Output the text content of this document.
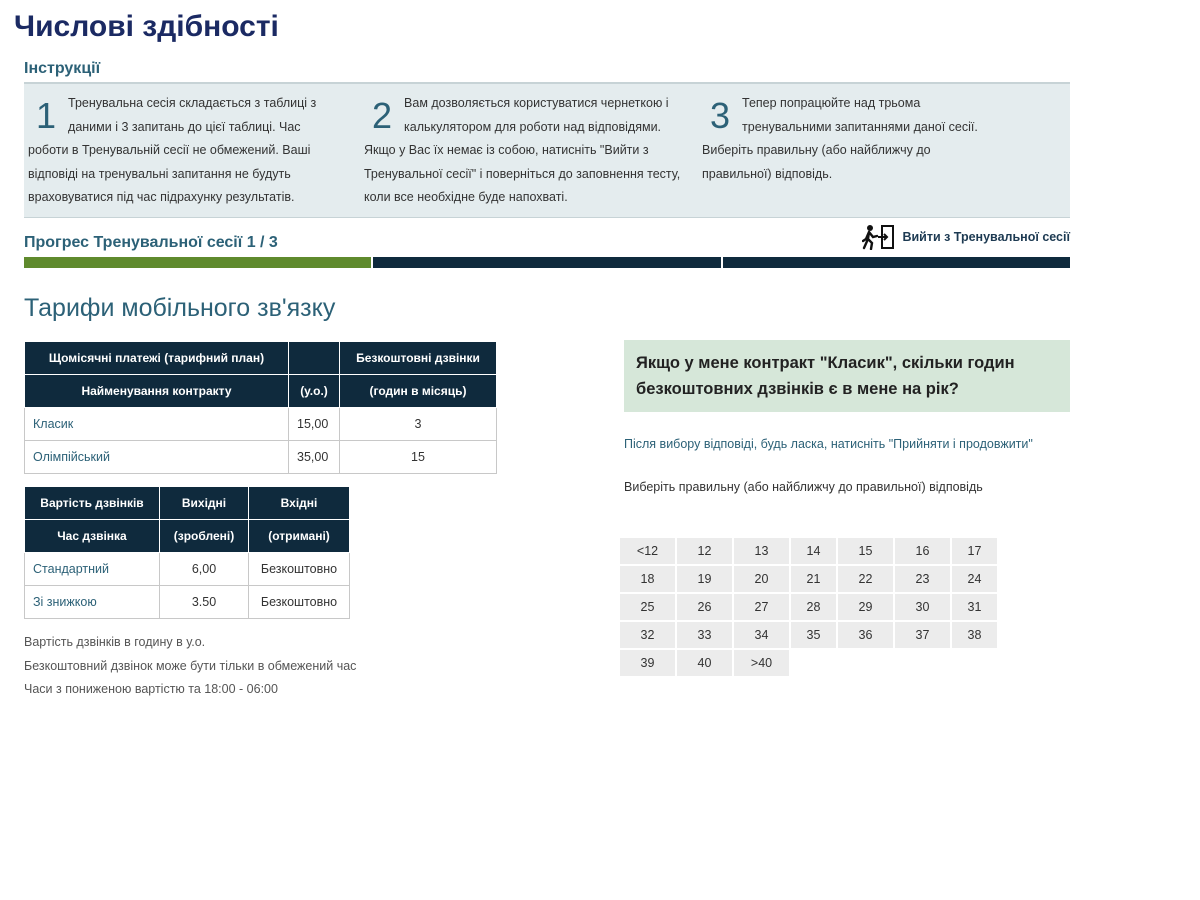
Числові здібності
Інструкції
1 Тренувальна сесія складається з таблиці з даними і 3 запитань до цієї таблиці. Час роботи в Тренувальній сесії не обмежений. Ваші відповіді на тренувальні запитання не будуть враховуватися під час підрахунку результатів.
2 Вам дозволяється користуватися чернеткою і калькулятором для роботи над відповідями. Якщо у Вас їх немає із собою, натисніть "Вийти з Тренувальної сесії" і поверніться до заповнення тесту, коли все необхідне буде напохваті.
3 Тепер попрацюйте над трьома тренувальними запитаннями даної сесії. Виберіть правильну (або найближчу до правильної) відповідь.
Прогрес Тренувальної сесії 1 / 3	Вийти з Тренувальної сесії
Тарифи мобільного зв'язку
Щомісячні платежі (тарифний план)		Безкоштовні дзвінки
Найменування контракту	(у.о.)	(годин в місяць)
Класик	15,00	3
Олімпійський	35,00	15
Вартість дзвінків	Вихідні	Вхідні
Час дзвінка	(зроблені)	(отримані)
Стандартний	6,00	Безкоштовно
Зі знижкою	3.50	Безкоштовно
Вартість дзвінків в годину в у.о.
Безкоштовний дзвінок може бути тільки в обмежений час
Часи з пониженою вартістю та 18:00 - 06:00
Якщо у мене контракт "Класик", скільки годин безкоштовних дзвінків є в мене на рік?
Після вибору відповіді, будь ласка, натисніть "Прийняти і продовжити"
Виберіть правильну (або найближчу до правильної) відповідь
<12	12	13	14	15	16	17
18	19	20	21	22	23	24
25	26	27	28	29	30	31
32	33	34	35	36	37	38
39	40	>40
